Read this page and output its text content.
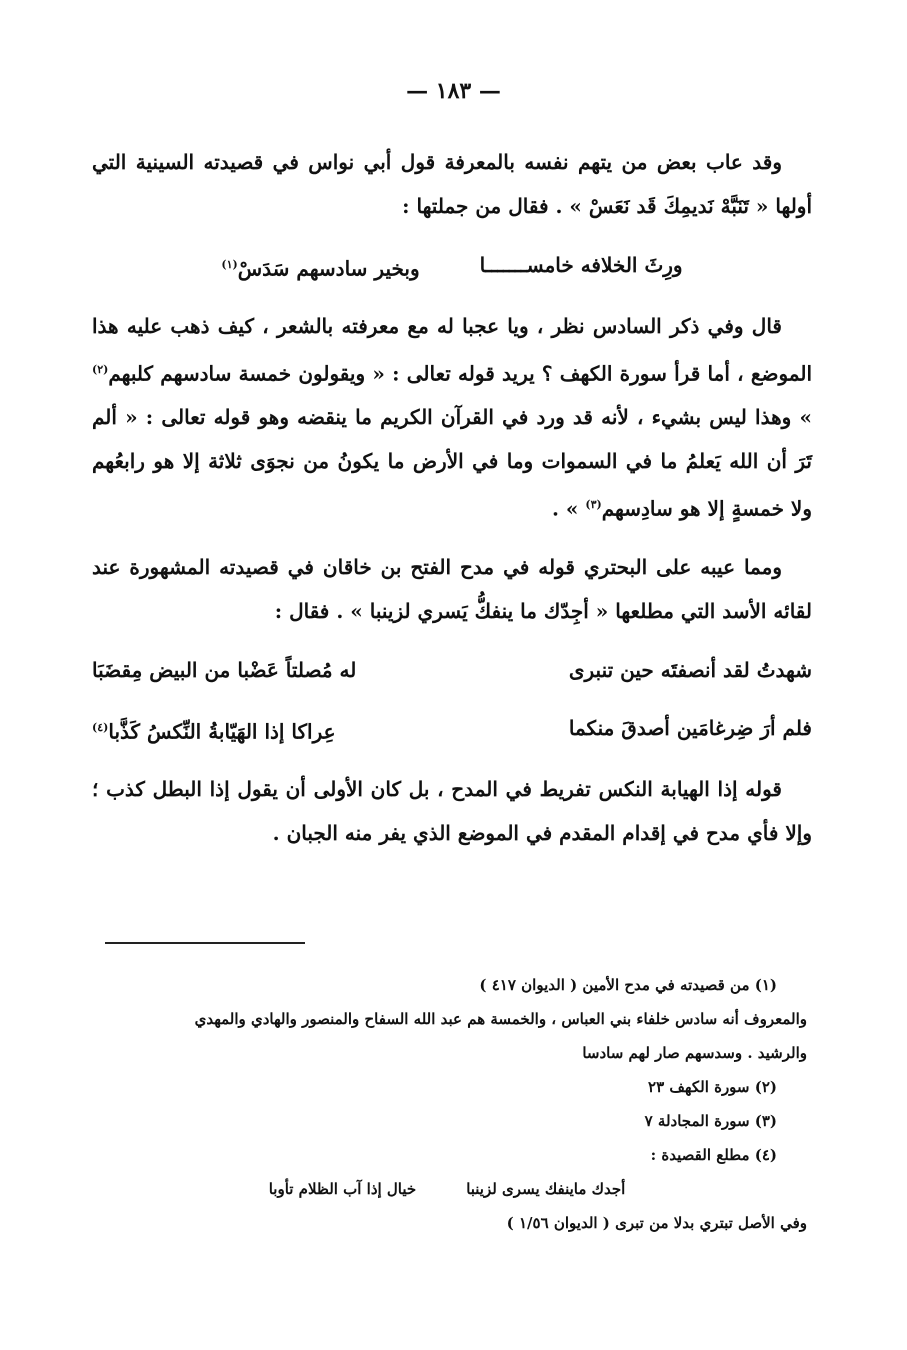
— ١٨٣ —

وقد عاب بعض من يتهم نفسه بالمعرفة قول أبي نواس في قصيدته السينية التي أولها « تَنَبَّهْ نَديمِكَ قَد نَعَسْ » . فقال من جملتها :

ورِثَ الخلافه خامســـــــا
وبخير سادسهم سَدَسْ$^{(١)}$

قال وفي ذكر السادس نظر ، ويا عجبا له مع معرفته بالشعر ، كيف ذهب عليه هذا الموضع ، أما قرأ سورة الكهف ؟ يريد قوله تعالى : « ويقولون خمسة سادسهم كلبهم$^{(٢)}$ » وهذا ليس بشيء ، لأنه قد ورد في القرآن الكريم ما ينقضه وهو قوله تعالى : « ألم تَرَ أن الله يَعلمُ ما في السموات وما في الأرض ما يكونُ من نجوَى ثلاثة إلا هو رابعُهم ولا خمسةٍ إلا هو سادِسهم$^{(٣)}$ » .

ومما عيبه على البحتري قوله في مدح الفتح بن خاقان في قصيدته المشهورة عند لقائه الأسد التي مطلعها « أجِدّك ما ينفكُّ يَسري لزينبا » . فقال :

شهدتُ لقد أنصفتَه حين تنبرى
له مُصلتاً عَضْبا من البيض مِقضَبَا
فلم أرَ ضِرغامَين أصدقَ منكما
عِراكا إذا الهَيّابةُ النِّكسُ كَذَّبا$^{(٤)}$

قوله إذا الهيابة النكس تفريط في المدح ، بل كان الأولى أن يقول إذا البطل كذب ؛ وإلا فأي مدح في إقدام المقدم في الموضع الذي يفر منه الجبان .

(١) من قصيدته في مدح الأمين ( الديوان ٤١٧ )

والمعروف أنه سادس خلفاء بني العباس ، والخمسة هم عبد الله السفاح والمنصور والهادي والمهدي

والرشيد . وسدسهم صار لهم سادسا

(٢) سورة الكهف ٢٣

(٣) سورة المجادلة ٧

(٤) مطلع القصيدة :

أجدك ماينفك يسرى لزينبا
خيال إذا آب الظلام تأوبا

وفي الأصل تبتري بدلا من تبرى ( الديوان ١/٥٦ )
